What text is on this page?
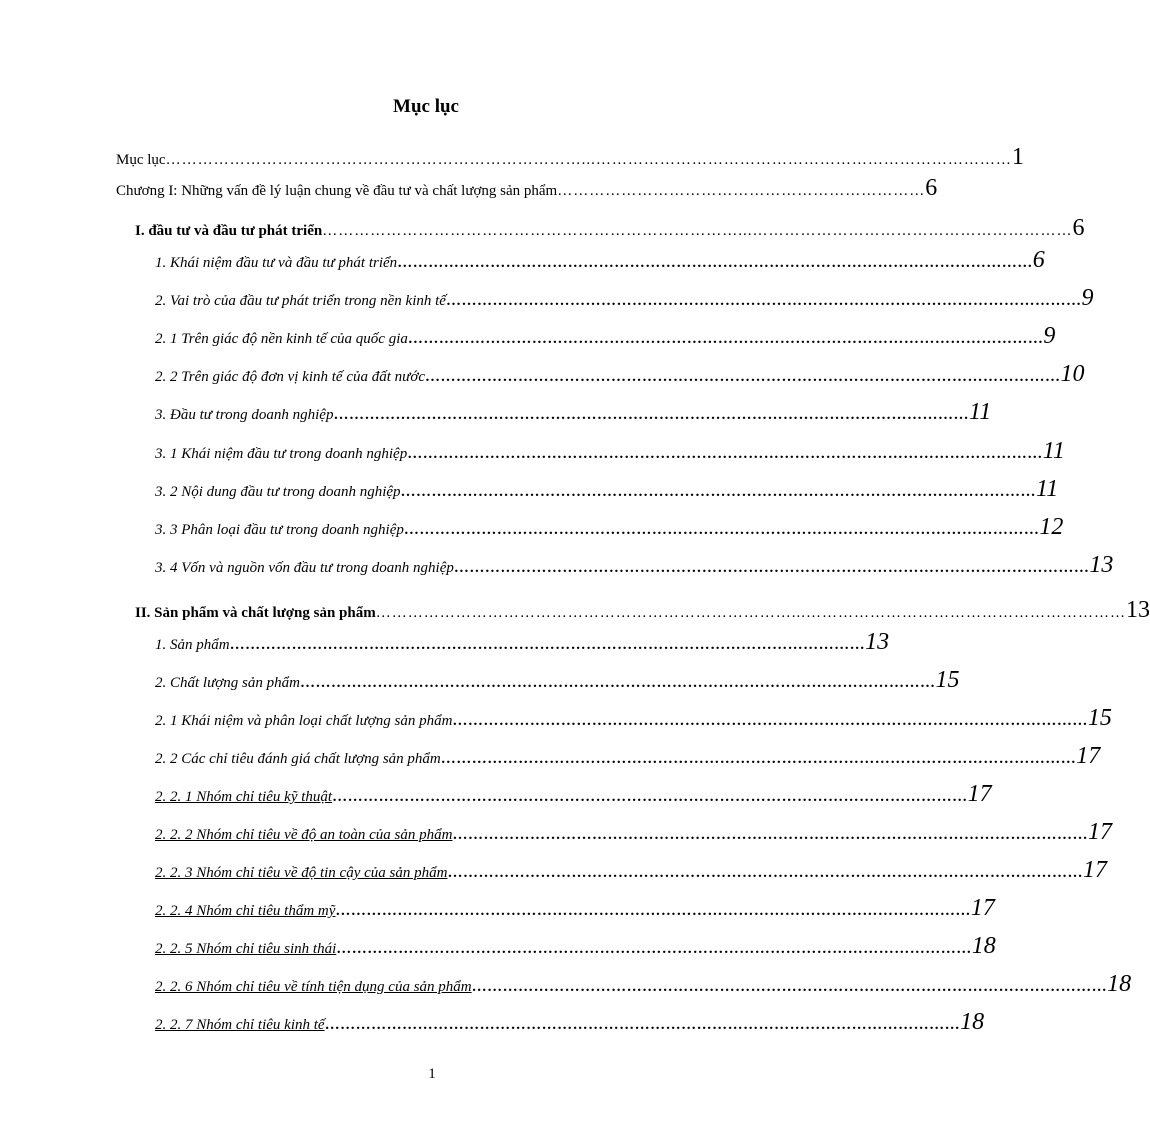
Mục lục
Mục lục ……………………………………………………………………...…………………………………………………………………… 1
Chương I: Những vấn đề lý luận chung về đầu tư và chất lượng sản phẩm …………………………………………………………… 6
I. đầu tư và đầu tư phát triển ……………………………………………………………………...…………………………………………………… 6
1. Khái niệm đầu tư và đầu tư phát triển …………………………………………………………………………………………………………… 6
2. Vai trò của đầu tư phát triển trong nền kinh tế …………………………………………………………………………………………………………… 9
2. 1 Trên giác độ nền kinh tế của quốc gia …………………………………………………………………………………………………………… 9
2. 2 Trên giác độ đơn vị kinh tế của đất nước …………………………………………………………………………………………………………… 10
3. Đầu tư trong doanh nghiệp …………………………………………………………………………………………………………… 11
3. 1 Khái niệm đầu tư trong doanh nghiệp …………………………………………………………………………………………………………… 11
3. 2 Nội dung đầu tư trong doanh nghiệp …………………………………………………………………………………………………………… 11
3. 3 Phân loại đầu tư trong doanh nghiệp …………………………………………………………………………………………………………… 12
3. 4 Vốn và nguồn vốn đầu tư trong doanh nghiệp …………………………………………………………………………………………………………… 13
II. Sản phẩm và chất lượng sản phẩm ……………………………………………………………………...…………………………………………………… 13
1. Sản phẩm …………………………………………………………………………………………………………… 13
2. Chất lượng sản phẩm …………………………………………………………………………………………………………… 15
2. 1 Khái niệm và phân loại chất lượng sản phẩm …………………………………………………………………………………………………………… 15
2. 2 Các chỉ tiêu đánh giá chất lượng sản phẩm …………………………………………………………………………………………………………… 17
2. 2. 1 Nhóm chỉ tiêu kỹ thuật …………………………………………………………………………………………………………… 17
2. 2. 2 Nhóm chỉ tiêu về độ an toàn của sản phẩm …………………………………………………………………………………………………………… 17
2. 2. 3 Nhóm chỉ tiêu về độ tin cậy của sản phẩm …………………………………………………………………………………………………………… 17
2. 2. 4 Nhóm chỉ tiêu thẩm mỹ …………………………………………………………………………………………………………… 17
2. 2. 5 Nhóm chỉ tiêu sinh thái …………………………………………………………………………………………………………… 18
2. 2. 6 Nhóm chỉ tiêu về tính tiện dụng của sản phẩm …………………………………………………………………………………………………………… 18
2. 2. 7 Nhóm chỉ tiêu kinh tế …………………………………………………………………………………………………………… 18
1
